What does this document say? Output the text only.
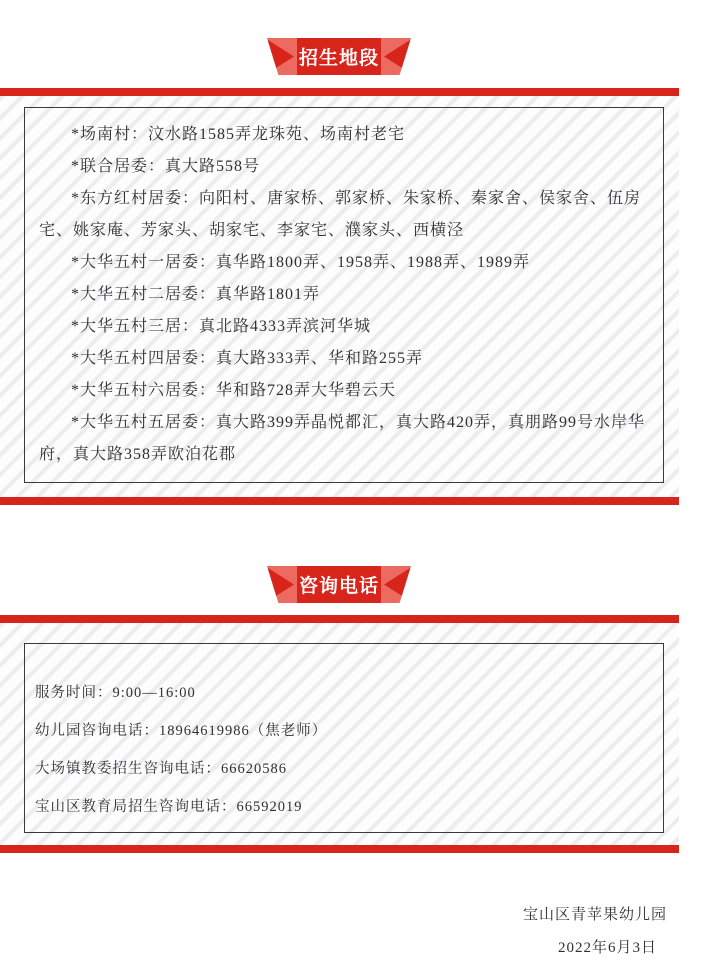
招生地段

*场南村：汶水路1585弄龙珠苑、场南村老宅

*联合居委：真大路558号

*东方红村居委：向阳村、唐家桥、郭家桥、朱家桥、秦家舍、侯家舍、伍房宅、姚家庵、芳家头、胡家宅、李家宅、濮家头、西横泾

*大华五村一居委：真华路1800弄、1958弄、1988弄、1989弄

*大华五村二居委：真华路1801弄

*大华五村三居：真北路4333弄滨河华城

*大华五村四居委：真大路333弄、华和路255弄

*大华五村六居委：华和路728弄大华碧云天

*大华五村五居委：真大路399弄晶悦都汇，真大路420弄，真朋路99号水岸华府，真大路358弄欧泊花郡

咨询电话

服务时间：9:00—16:00

幼儿园咨询电话：18964619986（焦老师）

大场镇教委招生咨询电话：66620586

宝山区教育局招生咨询电话：66592019

宝山区青苹果幼儿园
2022年6月3日
